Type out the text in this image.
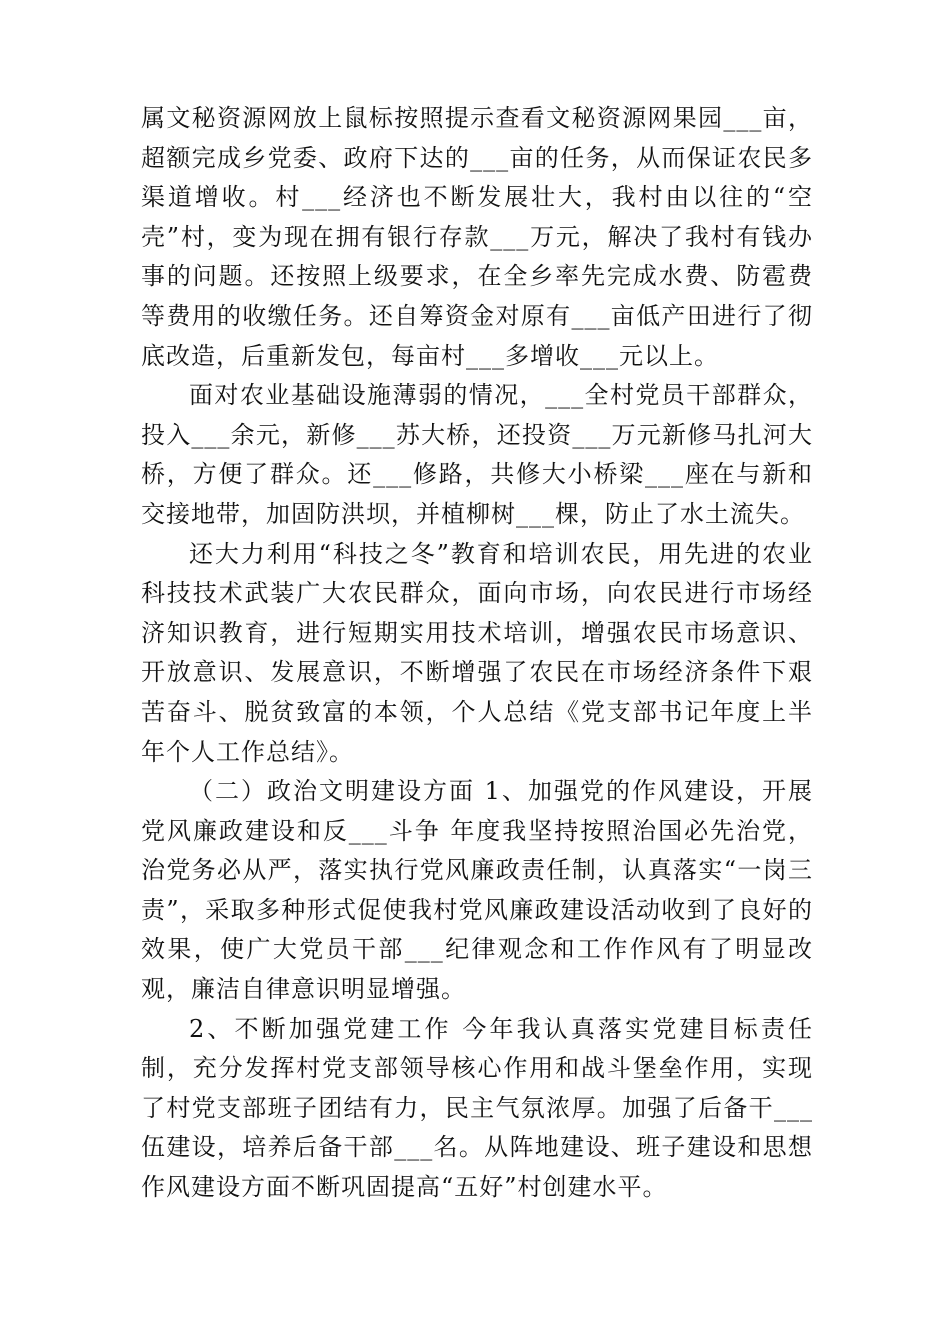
属文秘资源网放上鼠标按照提示查看文秘资源网果园___亩，超额完成乡党委、政府下达的___亩的任务，从而保证农民多渠道增收。村___经济也不断发展壮大，我村由以往的“空壳”村，变为现在拥有银行存款___万元，解决了我村有钱办事的问题。还按照上级要求，在全乡率先完成水费、防雹费等费用的收缴任务。还自筹资金对原有___亩低产田进行了彻底改造，后重新发包，每亩村___多增收___元以上。

面对农业基础设施薄弱的情况，___全村党员干部群众，投入___余元，新修___苏大桥，还投资___万元新修马扎河大桥，方便了群众。还___修路，共修大小桥梁___座在与新和交接地带，加固防洪坝，并植柳树___棵，防止了水土流失。

还大力利用“科技之冬”教育和培训农民，用先进的农业科技技术武装广大农民群众，面向市场，向农民进行市场经济知识教育，进行短期实用技术培训，增强农民市场意识、开放意识、发展意识，不断增强了农民在市场经济条件下艰苦奋斗、脱贫致富的本领，个人总结《党支部书记年度上半年个人工作总结》。

（二）政治文明建设方面 1、加强党的作风建设，开展党风廉政建设和反___斗争 年度我坚持按照治国必先治党，治党务必从严，落实执行党风廉政责任制，认真落实“一岗三责”，采取多种形式促使我村党风廉政建设活动收到了良好的效果，使广大党员干部___纪律观念和工作作风有了明显改观，廉洁自律意识明显增强。

2、不断加强党建工作 今年我认真落实党建目标责任制，充分发挥村党支部领导核心作用和战斗堡垒作用，实现了村党支部班子团结有力，民主气氛浓厚。加强了后备干___伍建设，培养后备干部___名。从阵地建设、班子建设和思想作风建设方面不断巩固提高“五好”村创建水平。
